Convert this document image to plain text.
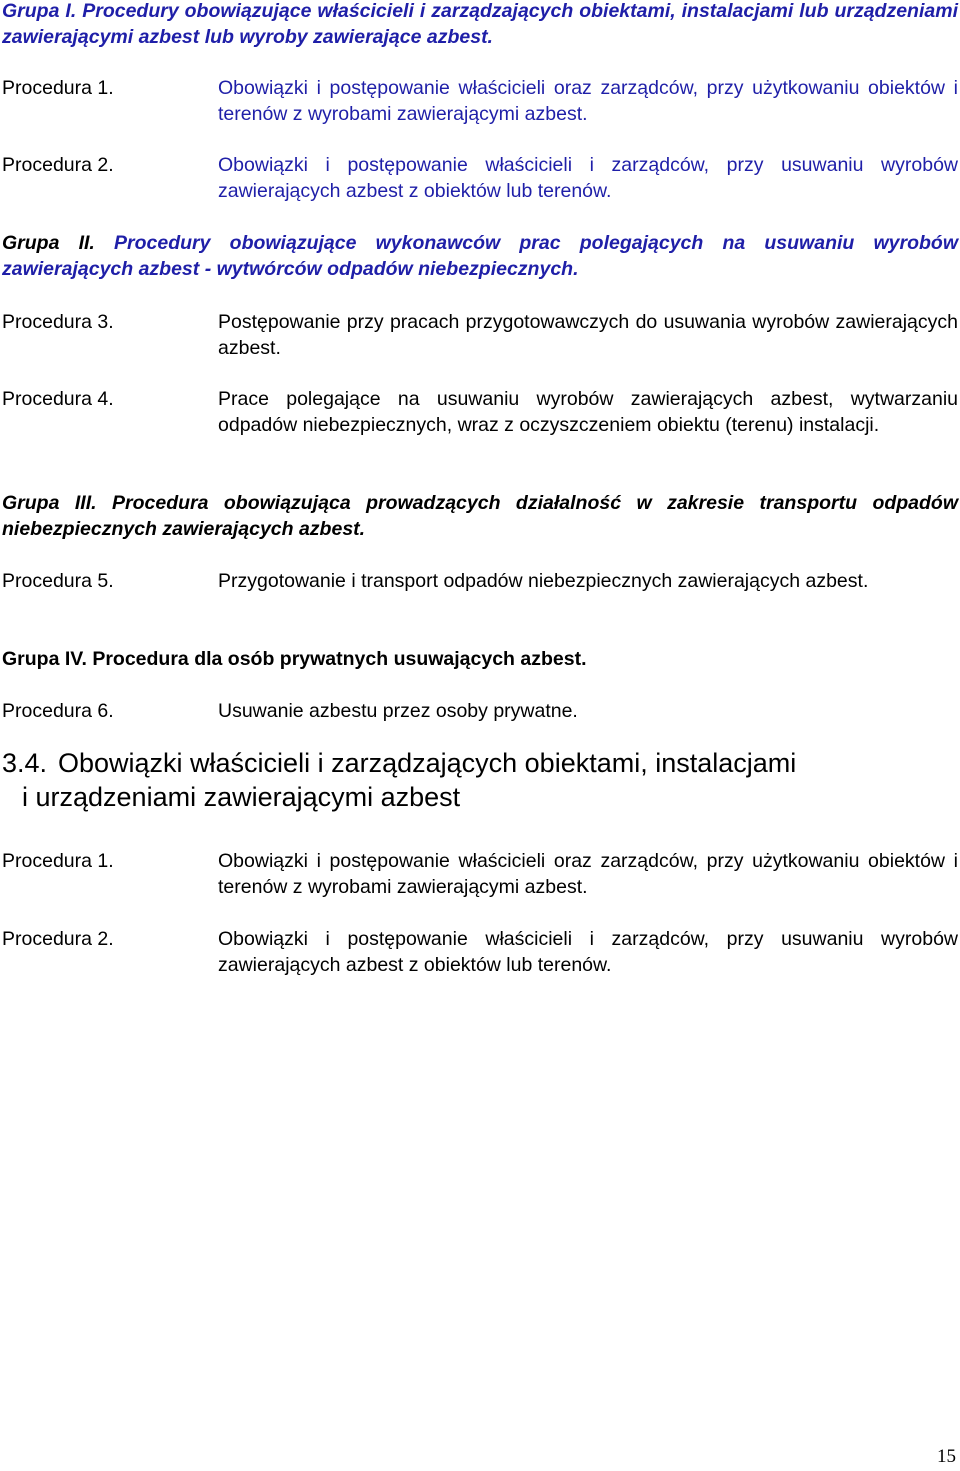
Grupa I. Procedury obowiązujące właścicieli i zarządzających obiektami, instalacjami lub urządzeniami zawierającymi azbest lub wyroby zawierające azbest.
Procedura 1.	Obowiązki i postępowanie właścicieli oraz zarządców, przy użytkowaniu obiektów i terenów z wyrobami zawierającymi azbest.
Procedura 2.	Obowiązki i postępowanie właścicieli i zarządców, przy usuwaniu wyrobów zawierających azbest z obiektów lub terenów.
Grupa II. Procedury obowiązujące wykonawców prac polegających na usuwaniu wyrobów zawierających azbest - wytwórców odpadów niebezpiecznych.
Procedura 3.	Postępowanie przy pracach przygotowawczych do usuwania wyrobów zawierających azbest.
Procedura 4.	Prace polegające na usuwaniu wyrobów zawierających azbest, wytwarzaniu odpadów niebezpiecznych, wraz z oczyszczeniem obiektu (terenu) instalacji.
Grupa III. Procedura obowiązująca prowadzących działalność w zakresie transportu odpadów niebezpiecznych zawierających azbest.
Procedura 5.	Przygotowanie i transport odpadów niebezpiecznych zawierających azbest.
Grupa IV. Procedura dla osób prywatnych usuwających azbest.
Procedura 6.	Usuwanie azbestu przez osoby prywatne.
3.4. Obowiązki właścicieli i zarządzających obiektami, instalacjami
i urządzeniami zawierającymi azbest
Procedura 1.	Obowiązki i postępowanie właścicieli oraz zarządców, przy użytkowaniu obiektów i terenów z wyrobami zawierającymi azbest.
Procedura 2.	Obowiązki i postępowanie właścicieli i zarządców, przy usuwaniu wyrobów zawierających azbest z obiektów lub terenów.
15
